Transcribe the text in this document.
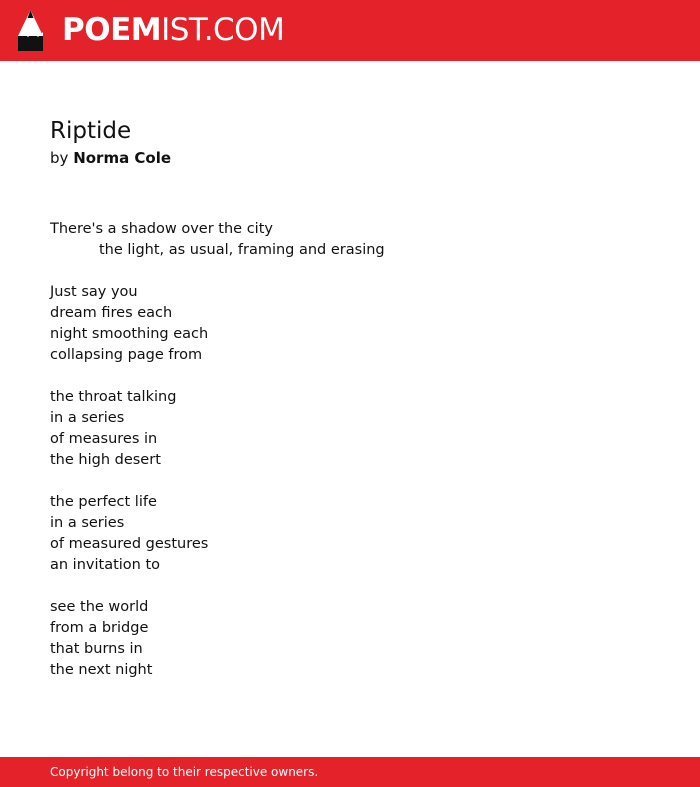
POEMIST.COM
Riptide

by Norma Cole

There's a shadow over the city
the light, as usual, framing and erasing
Just say you
dream fires each
night smoothing each
collapsing page from
the throat talking
in a series
of measures in
the high desert
the perfect life
in a series
of measured gestures
an invitation to
see the world
from a bridge
that burns in
the next night
Copyright belong to their respective owners.
